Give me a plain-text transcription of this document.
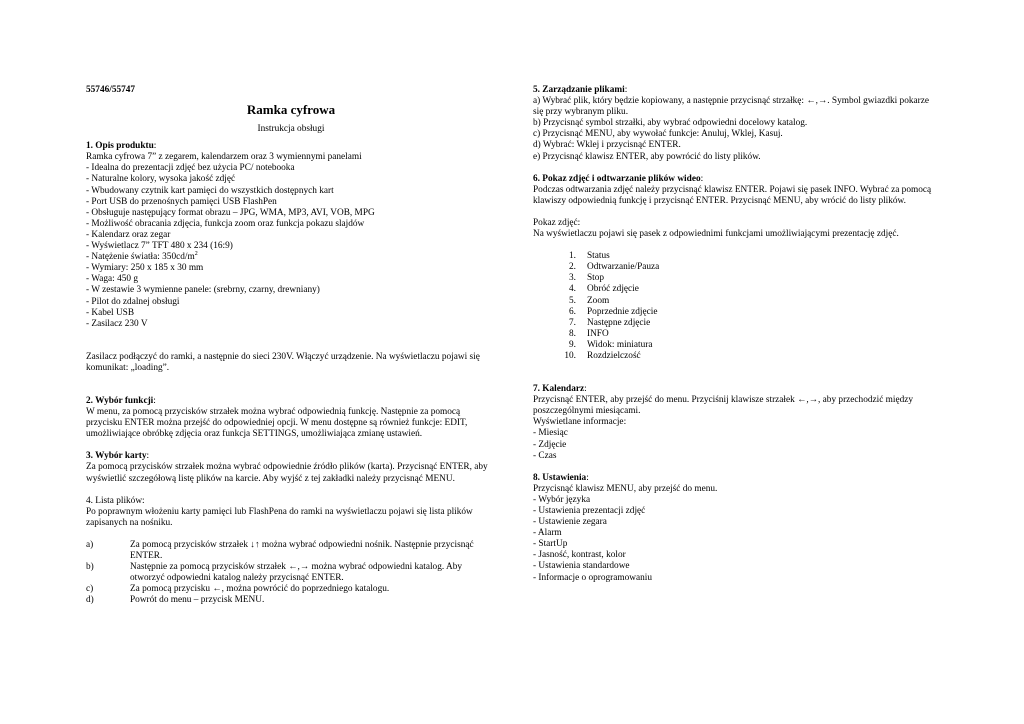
55746/55747

Ramka cyfrowa

Instrukcja obsługi

1. Opis produktu:

Ramka cyfrowa 7” z zegarem, kalendarzem oraz 3 wymiennymi panelami

- Idealna do prezentacji zdjęć bez użycia PC/ notebooka
- Naturalne kolory, wysoka jakość zdjęć
- Wbudowany czytnik kart pamięci do wszystkich dostępnych kart
- Port USB do przenośnych pamięci USB FlashPen
- Obsługuje następujący format obrazu – JPG, WMA, MP3, AVI, VOB, MPG
- Możliwość obracania zdjęcia, funkcja zoom oraz funkcja pokazu slajdów
- Kalendarz oraz zegar
- Wyświetlacz 7” TFT 480 x 234 (16:9)
- Natężenie światła: $350cd/m^2$
- Wymiary: 250 x 185 x 30 mm
- Waga: 450 g
- W zestawie 3 wymienne panele: (srebrny, czarny, drewniany)
- Pilot do zdalnej obsługi
- Kabel USB
- Zasilacz 230 V

Zasilacz podłączyć do ramki, a następnie do sieci 230V. Włączyć urządzenie. Na wyświetlaczu pojawi się komunikat: „loading”.

2. Wybór funkcji:

W menu, za pomocą przycisków strzałek można wybrać odpowiednią funkcję. Następnie za pomocą przycisku ENTER można przejść do odpowiedniej opcji. W menu dostępne są również funkcje: EDIT, umożliwiające obróbkę zdjęcia oraz funkcja SETTINGS, umożliwiająca zmianę ustawień.

3. Wybór karty:

Za pomocą przycisków strzałek można wybrać odpowiednie źródło plików (karta). Przycisnąć ENTER, aby wyświetlić szczegółową listę plików na karcie. Aby wyjść z tej zakładki należy przycisnąć MENU.

4. Lista plików:

Po poprawnym włożeniu karty pamięci lub FlashPena do ramki na wyświetlaczu pojawi się lista plików zapisanych na nośniku.

a)	Za pomocą przycisków strzałek ↓↑ można wybrać odpowiedni nośnik. Następnie przycisnąć ENTER.
b)	Następnie za pomocą przycisków strzałek ←,→ można wybrać odpowiedni katalog. Aby otworzyć odpowiedni katalog należy przycisnąć ENTER.
c)	Za pomocą przycisku ←, można powrócić do poprzedniego katalogu.
d)	Powrót do menu – przycisk MENU.

5. Zarządzanie plikami:

a) Wybrać plik, który będzie kopiowany, a następnie przycisnąć strzałkę: ←,→. Symbol gwiazdki pokarze się przy wybranym pliku.

b) Przycisnąć symbol strzałki, aby wybrać odpowiedni docelowy katalog.

c) Przycisnąć MENU, aby wywołać funkcje: Anuluj, Wklej, Kasuj.

d) Wybrać: Wklej i przycisnąć ENTER.

e) Przycisnąć klawisz ENTER, aby powrócić do listy plików.

6. Pokaz zdjęć i odtwarzanie plików wideo:

Podczas odtwarzania zdjęć należy przycisnąć klawisz ENTER. Pojawi się pasek INFO. Wybrać za pomocą klawiszy odpowiednią funkcję i przycisnąć ENTER. Przycisnąć MENU, aby wrócić do listy plików.

Pokaz zdjęć:

Na wyświetlaczu pojawi się pasek z odpowiednimi funkcjami umożliwiającymi prezentację zdjęć.

1.	Status
2.	Odtwarzanie/Pauza
3.	Stop
4.	Obróć zdjęcie
5.	Zoom
6.	Poprzednie zdjęcie
7.	Następne zdjęcie
8.	INFO
9.	Widok: miniatura
10.	Rozdzielczość

7. Kalendarz:

Przycisnąć ENTER, aby przejść do menu. Przyciśnij klawisze strzałek ←,→, aby przechodzić między poszczególnymi miesiącami.

Wyświetlane informacje:

- Miesiąc

- Zdjęcie

- Czas

8. Ustawienia:

Przycisnąć klawisz MENU, aby przejść do menu.

- Wybór języka

- Ustawienia prezentacji zdjęć

- Ustawienie zegara

- Alarm

- StartUp

- Jasność, kontrast, kolor

- Ustawienia standardowe

- Informacje o oprogramowaniu
